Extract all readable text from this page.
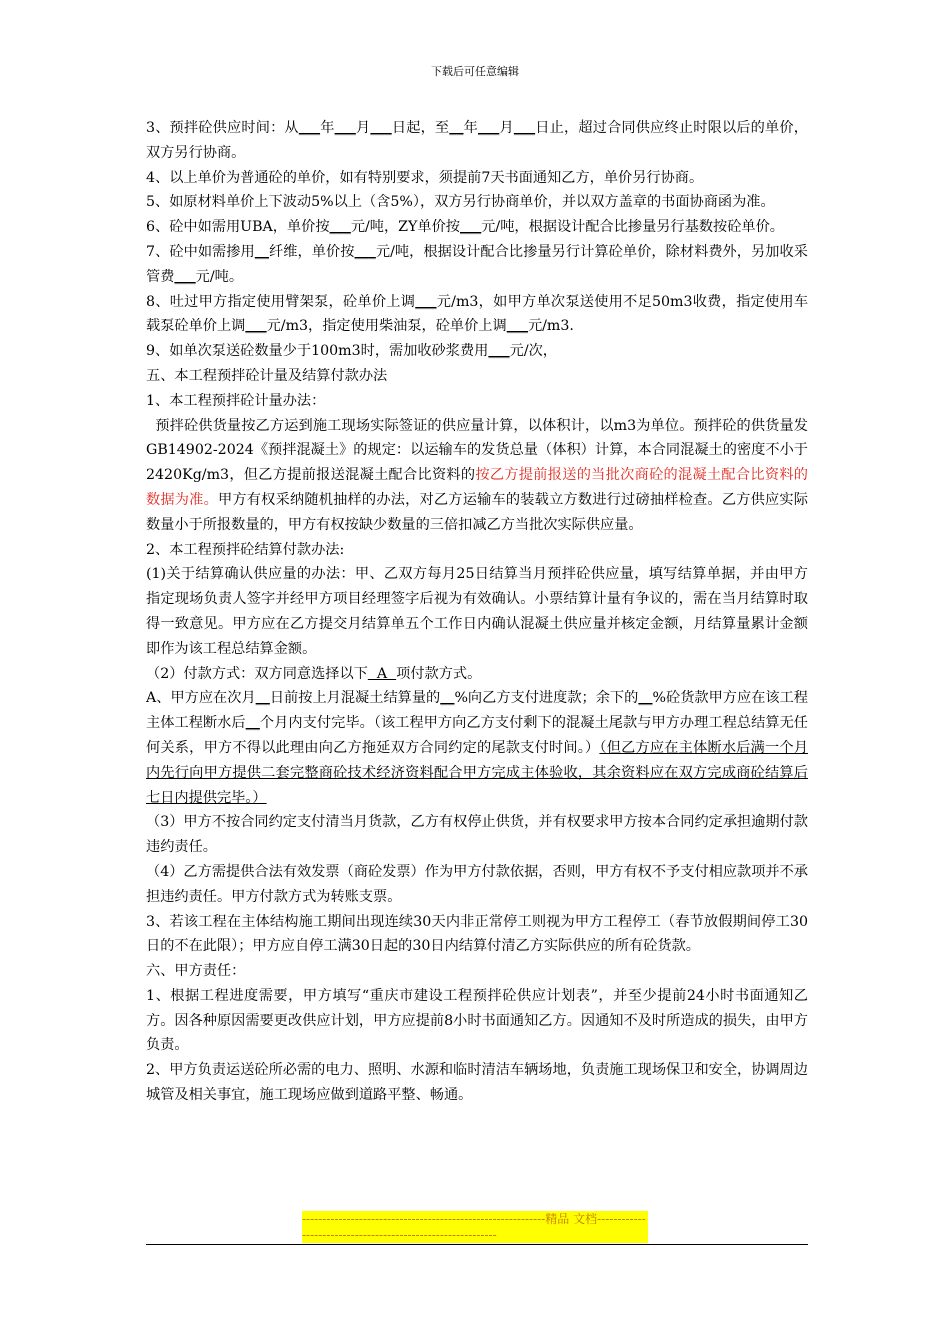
下载后可任意编辑

3、预拌砼供应时间：从___年___月___日起，至__年___月___日止，超过合同供应终止时限以后的单价，双方另行协商。

4、以上单价为普通砼的单价，如有特别要求，须提前7天书面通知乙方，单价另行协商。

5、如原材料单价上下波动5%以上（含5%），双方另行协商单价，并以双方盖章的书面协商函为准。

6、砼中如需用UBA，单价按___元/吨，ZY单价按___元/吨，根据设计配合比掺量另行基数按砼单价。

7、砼中如需掺用__纤维，单价按___元/吨，根据设计配合比掺量另行计算砼单价，除材料费外，另加收采管费___元/吨。

8、吐过甲方指定使用臂架泵，砼单价上调___元/m3，如甲方单次泵送使用不足50m3收费，指定使用车载泵砼单价上调___元/m3，指定使用柴油泵，砼单价上调___元/m3.

9、如单次泵送砼数量少于100m3时，需加收砂浆费用___元/次，

五、本工程预拌砼计量及结算付款办法

1、本工程预拌砼计量办法：

预拌砼供货量按乙方运到施工现场实际签证的供应量计算，以体积计，以m3为单位。预拌砼的供货量发GB14902-2024《预拌混凝土》的规定：以运输车的发货总量（体积）计算，本合同混凝土的密度不小于2420Kg/m3，但乙方提前报送混凝土配合比资料的按乙方提前报送的当批次商砼的混凝土配合比资料的数据为准。甲方有权采纳随机抽样的办法，对乙方运输车的装载立方数进行过磅抽样检查。乙方供应实际数量小于所报数量的，甲方有权按缺少数量的三倍扣减乙方当批次实际供应量。

2、本工程预拌砼结算付款办法:

(1)关于结算确认供应量的办法：甲、乙双方每月25日结算当月预拌砼供应量，填写结算单据，并由甲方指定现场负责人签字并经甲方项目经理签字后视为有效确认。小票结算计量有争议的，需在当月结算时取得一致意见。甲方应在乙方提交月结算单五个工作日内确认混凝土供应量并核定金额，月结算量累计金额即作为该工程总结算金额。

（2）付款方式：双方同意选择以下  A  项付款方式。

A、甲方应在次月__日前按上月混凝土结算量的__%向乙方支付进度款；余下的__%砼货款甲方应在该工程主体工程断水后__个月内支付完毕。（该工程甲方向乙方支付剩下的混凝土尾款与甲方办理工程总结算无任何关系，甲方不得以此理由向乙方拖延双方合同约定的尾款支付时间。）（但乙方应在主体断水后满一个月内先行向甲方提供二套完整商砼技术经济资料配合甲方完成主体验收，其余资料应在双方完成商砼结算后七日内提供完毕。）

（3）甲方不按合同约定支付清当月货款，乙方有权停止供货，并有权要求甲方按本合同约定承担逾期付款违约责任。

（4）乙方需提供合法有效发票（商砼发票）作为甲方付款依据，否则，甲方有权不予支付相应款项并不承担违约责任。甲方付款方式为转账支票。

3、若该工程在主体结构施工期间出现连续30天内非正常停工则视为甲方工程停工（春节放假期间停工30日的不在此限）；甲方应自停工满30日起的30日内结算付清乙方实际供应的所有砼货款。

六、甲方责任：

1、根据工程进度需要，甲方填写“重庆市建设工程预拌砼供应计划表”，并至少提前24小时书面通知乙方。因各种原因需要更改供应计划，甲方应提前8小时书面通知乙方。因通知不及时所造成的损失，由甲方负责。

2、甲方负责运送砼所必需的电力、照明、水源和临时清洁车辆场地，负责施工现场保卫和安全，协调周边城管及相关事宜，施工现场应做到道路平整、畅通。

------------------------------------------------------------精品 文档------------------------------------------------------------
